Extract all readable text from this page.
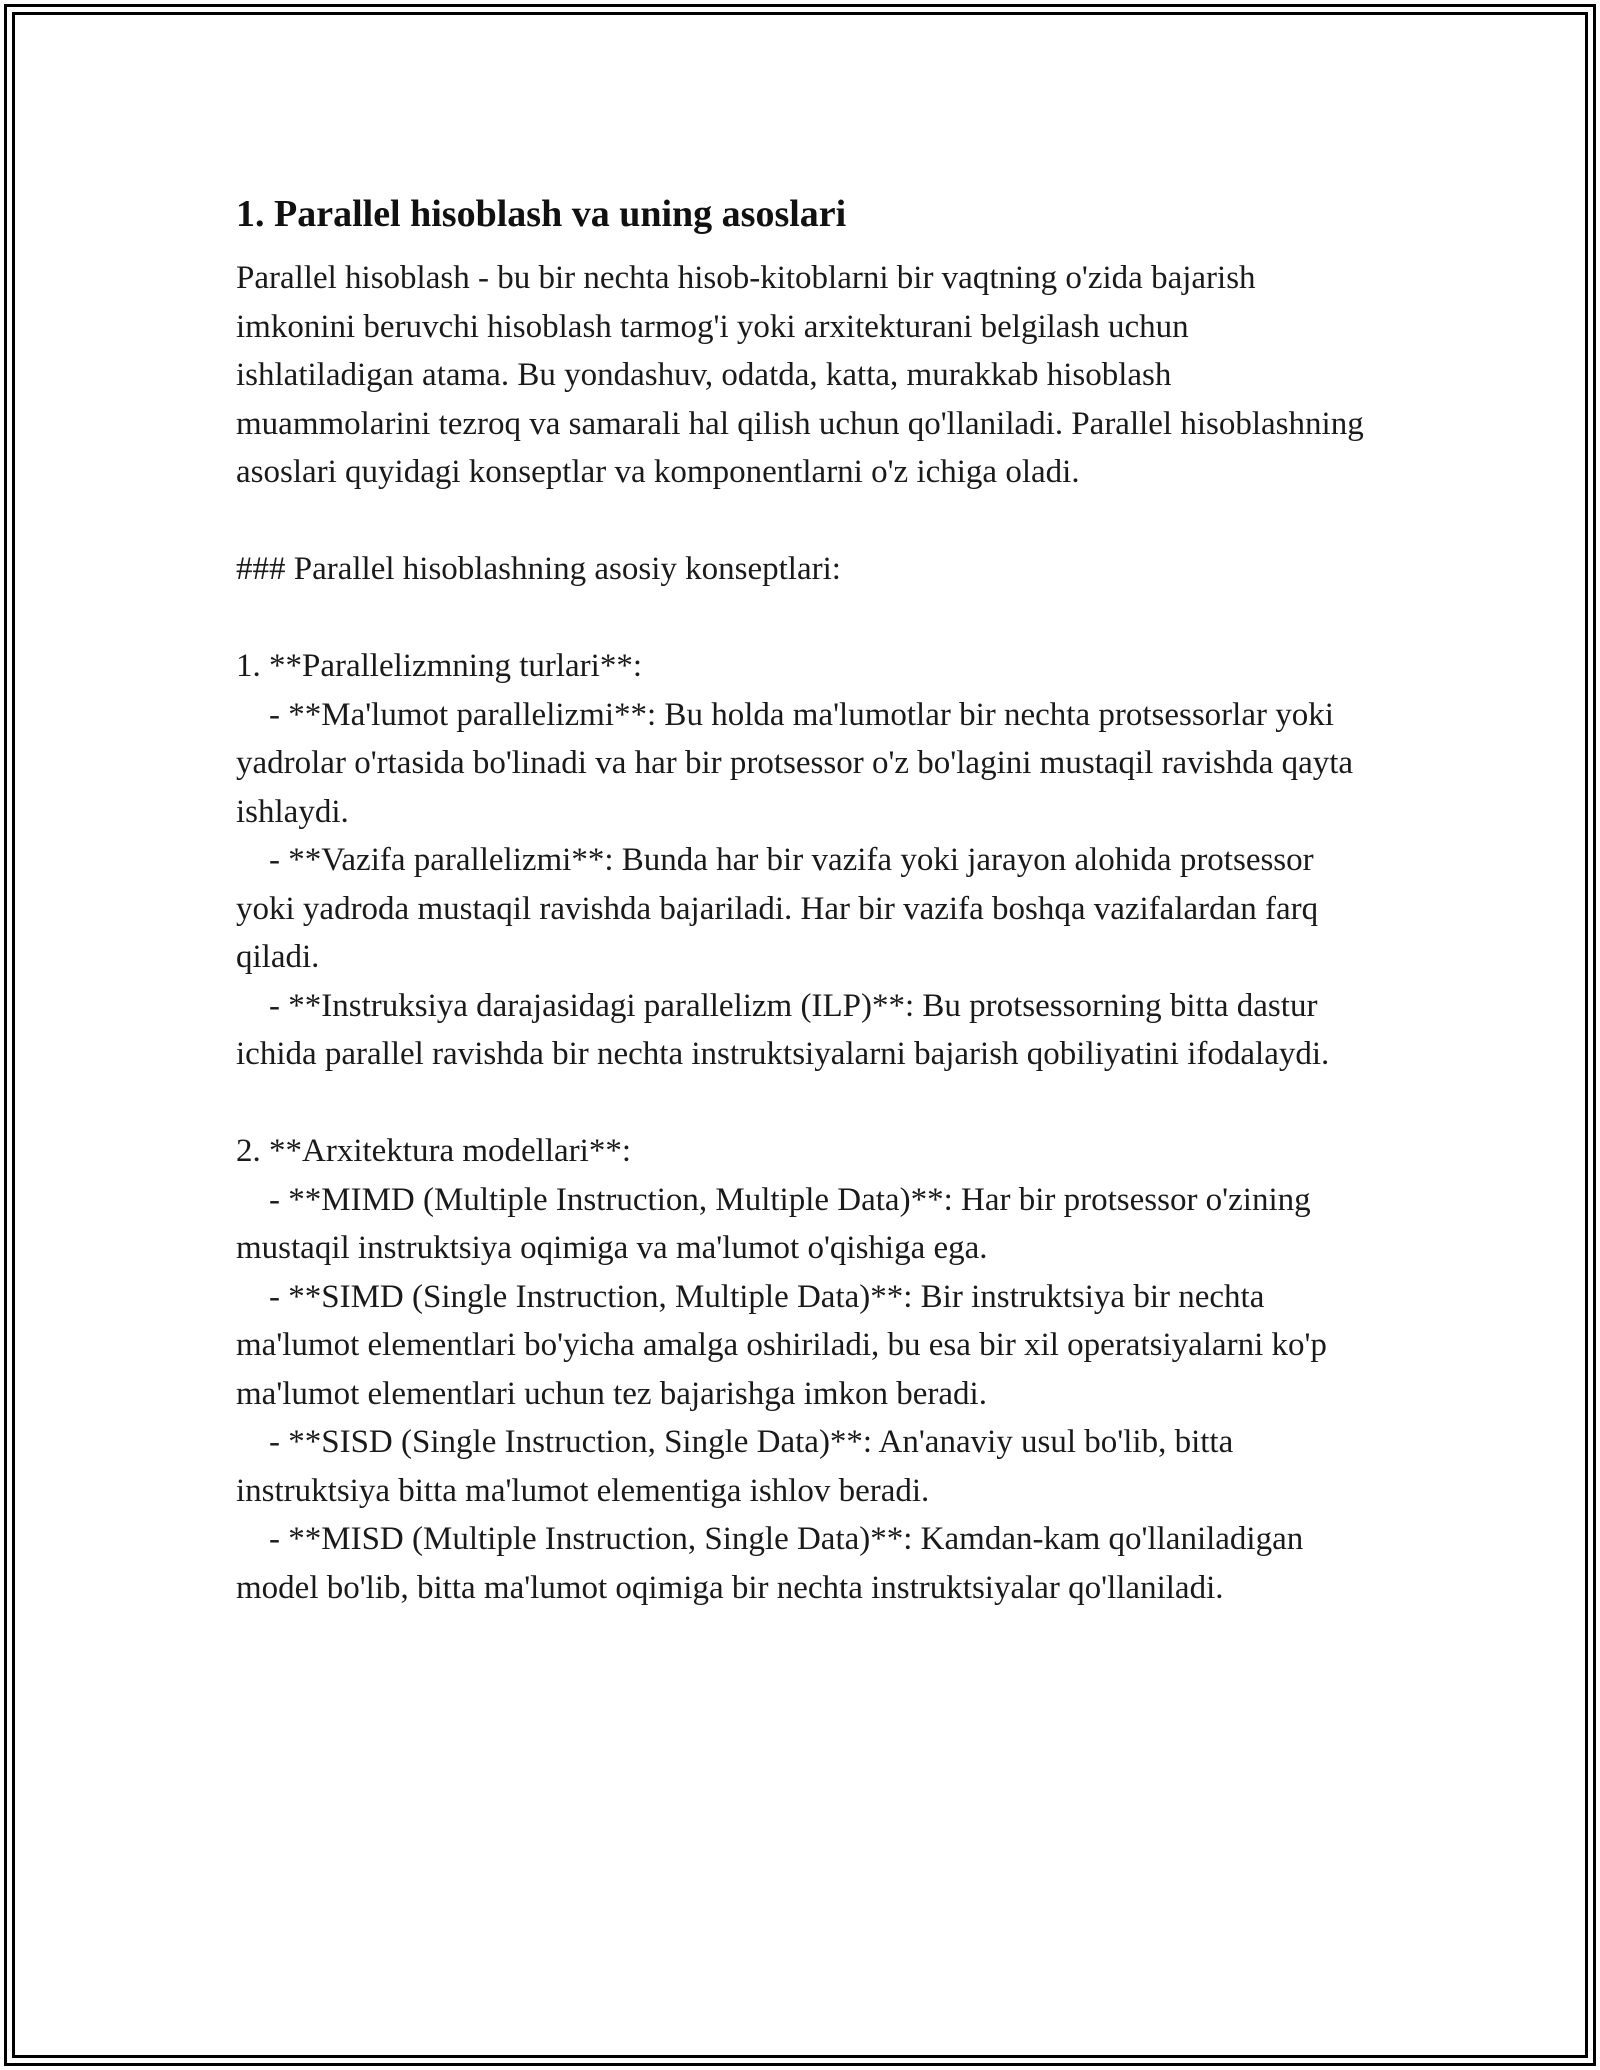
1. Parallel hisoblash va uning asoslari

Parallel hisoblash - bu bir nechta hisob-kitoblarni bir vaqtning o'zida bajarish imkonini beruvchi hisoblash tarmog'i yoki arxitekturani belgilash uchun ishlatiladigan atama. Bu yondashuv, odatda, katta, murakkab hisoblash muammolarini tezroq va samarali hal qilish uchun qo'llaniladi. Parallel hisoblashning asoslari quyidagi konseptlar va komponentlarni o'z ichiga oladi.

### Parallel hisoblashning asosiy konseptlari:

1. **Parallelizmning turlari**:

- **Ma'lumot parallelizmi**: Bu holda ma'lumotlar bir nechta protsessorlar yoki yadrolar o'rtasida bo'linadi va har bir protsessor o'z bo'lagini mustaqil ravishda qayta ishlaydi.

- **Vazifa parallelizmi**: Bunda har bir vazifa yoki jarayon alohida protsessor yoki yadroda mustaqil ravishda bajariladi. Har bir vazifa boshqa vazifalardan farq qiladi.

- **Instruksiya darajasidagi parallelizm (ILP)**: Bu protsessorning bitta dastur ichida parallel ravishda bir nechta instruktsiyalarni bajarish qobiliyatini ifodalaydi.

2. **Arxitektura modellari**:

- **MIMD (Multiple Instruction, Multiple Data)**: Har bir protsessor o'zining mustaqil instruktsiya oqimiga va ma'lumot o'qishiga ega.

- **SIMD (Single Instruction, Multiple Data)**: Bir instruktsiya bir nechta ma'lumot elementlari bo'yicha amalga oshiriladi, bu esa bir xil operatsiyalarni ko'p ma'lumot elementlari uchun tez bajarishga imkon beradi.

- **SISD (Single Instruction, Single Data)**: An'anaviy usul bo'lib, bitta instruktsiya bitta ma'lumot elementiga ishlov beradi.

- **MISD (Multiple Instruction, Single Data)**: Kamdan-kam qo'llaniladigan model bo'lib, bitta ma'lumot oqimiga bir nechta instruktsiyalar qo'llaniladi.
